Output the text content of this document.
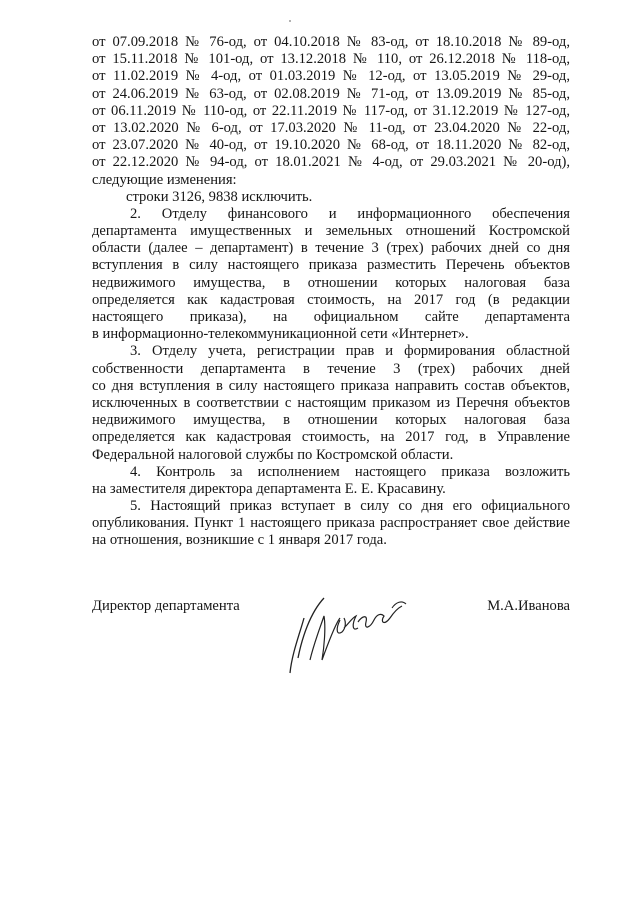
от 07.09.2018 № 76-од, от 04.10.2018 № 83-од, от 18.10.2018 № 89-од,
от 15.11.2018 № 101-од, от 13.12.2018 № 110, от 26.12.2018 № 118-од,
от 11.02.2019 № 4-од, от 01.03.2019 № 12-од, от 13.05.2019 № 29-од,
от 24.06.2019 № 63-од, от 02.08.2019 № 71-од, от 13.09.2019 № 85-од,
от 06.11.2019 № 110-од, от 22.11.2019 № 117-од, от 31.12.2019 № 127-од,
от 13.02.2020 № 6-од, от 17.03.2020 № 11-од, от 23.04.2020 № 22-од,
от 23.07.2020 № 40-од, от 19.10.2020 № 68-од, от 18.11.2020 № 82-од,
от 22.12.2020 № 94-од, от 18.01.2021 № 4-од, от 29.03.2021 № 20-од),
следующие изменения:
строки 3126, 9838 исключить.
2. Отделу финансового и информационного обеспечения
департамента имущественных и земельных отношений Костромской
области (далее – департамент) в течение 3 (трех) рабочих дней со дня
вступления в силу настоящего приказа разместить Перечень объектов
недвижимого имущества, в отношении которых налоговая база
определяется как кадастровая стоимость, на 2017 год (в редакции
настоящего приказа), на официальном сайте департамента
в информационно-телекоммуникационной сети «Интернет».
3. Отделу учета, регистрации прав и формирования областной
собственности департамента в течение 3 (трех) рабочих дней
со дня вступления в силу настоящего приказа направить состав объектов,
исключенных в соответствии с настоящим приказом из Перечня объектов
недвижимого имущества, в отношении которых налоговая база
определяется как кадастровая стоимость, на 2017 год, в Управление
Федеральной налоговой службы по Костромской области.
4. Контроль за исполнением настоящего приказа возложить
на заместителя директора департамента Е. Е. Красавину.
5. Настоящий приказ вступает в силу со дня его официального
опубликования. Пункт 1 настоящего приказа распространяет свое действие
на отношения, возникшие с 1 января 2017 года.
Директор департамента	М.А.Иванова
